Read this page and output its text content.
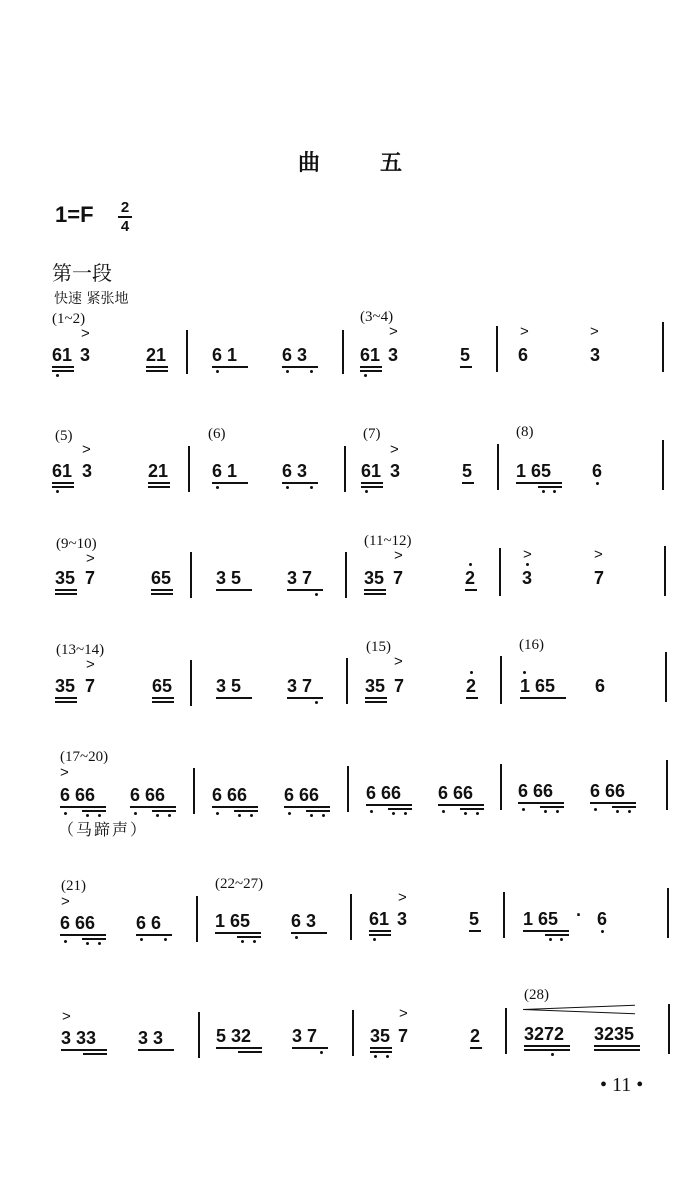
曲	五
1=F 2
4
第一段
快速 紧张地
(1~2)	(3~4)
>	>	>	>
61 3	21	6 1 6 3	61 3	5	6	3
(5)	(6)	(7)	(8)
>	>
61 3	21 6 1 6 3	61 3	5 1 65 6
(9~10)	(11~12)
>	>	>	>
35 7	65 3 5	3 7	35 7	2	3	7
(13~14)	(15)	(16)
>	>
35 7	65 3 5	3 7	35 7	2 1 65 6
(17~20)
>
6 66 6 66	6 66 6 66	6 66 6 66 6 66 6 66
（马蹄声）
(21)	(22~27)
>	>
6 66 6 6	1 65 6 3	61 3	5 1 65 · 6
(28)
>	>
3 33 3 3	5 32 3 7	35 7	2 3272 3235
• 11 •
